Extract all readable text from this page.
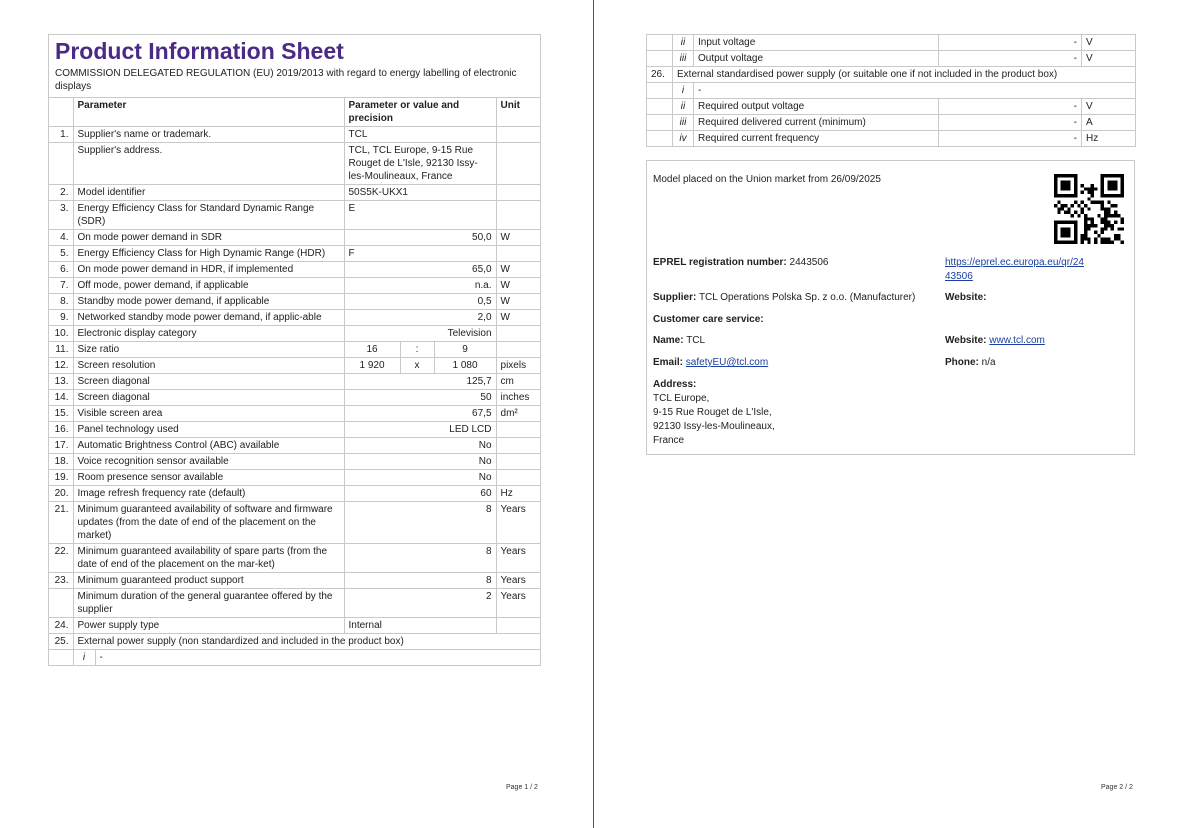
Product Information Sheet
COMMISSION DELEGATED REGULATION (EU) 2019/2013 with regard to energy labelling of electronic displays
	Parameter	Parameter or value and precision			Unit
1.	Supplier's name or trademark.	TCL			
	Supplier's address.	TCL, TCL Europe, 9-15 Rue Rouget de L'Isle, 92130 Issy-les-Moulineaux, France			
2.	Model identifier	50S5K-UKX1			
3.	Energy Efficiency Class for Standard Dynamic Range (SDR)	E			
4.	On mode power demand in SDR	50,0			W
5.	Energy Efficiency Class for High Dynamic Range (HDR)	F			
6.	On mode power demand in HDR, if implemented	65,0			W
7.	Off mode, power demand, if applicable	n.a.			W
8.	Standby mode power demand, if applicable	0,5			W
9.	Networked standby mode power demand, if applic-able	2,0			W
10.	Electronic display category	Television			
11.	Size ratio	16	:	9	
12.	Screen resolution	1 920	x	1 080	pixels
13.	Screen diagonal	125,7			cm
14.	Screen diagonal	50			inches
15.	Visible screen area	67,5			dm²
16.	Panel technology used	LED LCD			
17.	Automatic Brightness Control (ABC) available	No			
18.	Voice recognition sensor available	No			
19.	Room presence sensor available	No			
20.	Image refresh frequency rate (default)	60			Hz
21.	Minimum guaranteed availability of software and firmware updates (from the date of end of the placement on the market)	8			Years
22.	Minimum guaranteed availability of spare parts (from the date of end of the placement on the mar-ket)	8			Years
23.	Minimum guaranteed product support	8			Years
	Minimum duration of the general guarantee offered by the supplier	2			Years
24.	Power supply type	Internal			
25.	External power supply (non standardized and included in the product box)				
	i -				
Page 1 / 2
	ii	Input voltage	-	V
	iii	Output voltage	-	V
26.	External standardised power supply (or suitable one if not included in the product box)			
	i	-		
	ii	Required output voltage	-	V
	iii	Required delivered current (minimum)	-	A
	iv	Required current frequency	-	Hz
Model placed on the Union market from 26/09/2025
EPREL registration number: 2443506	https://eprel.ec.europa.eu/qr/24
43506
Supplier: TCL Operations Polska Sp. z o.o. (Manufacturer)	Website:
Customer care service:
Name: TCL	Website: www.tcl.com
Email: safetyEU@tcl.com	Phone: n/a
Address:
TCL Europe,
9-15 Rue Rouget de L'Isle,
92130 Issy-les-Moulineaux,
France
Page 2 / 2
